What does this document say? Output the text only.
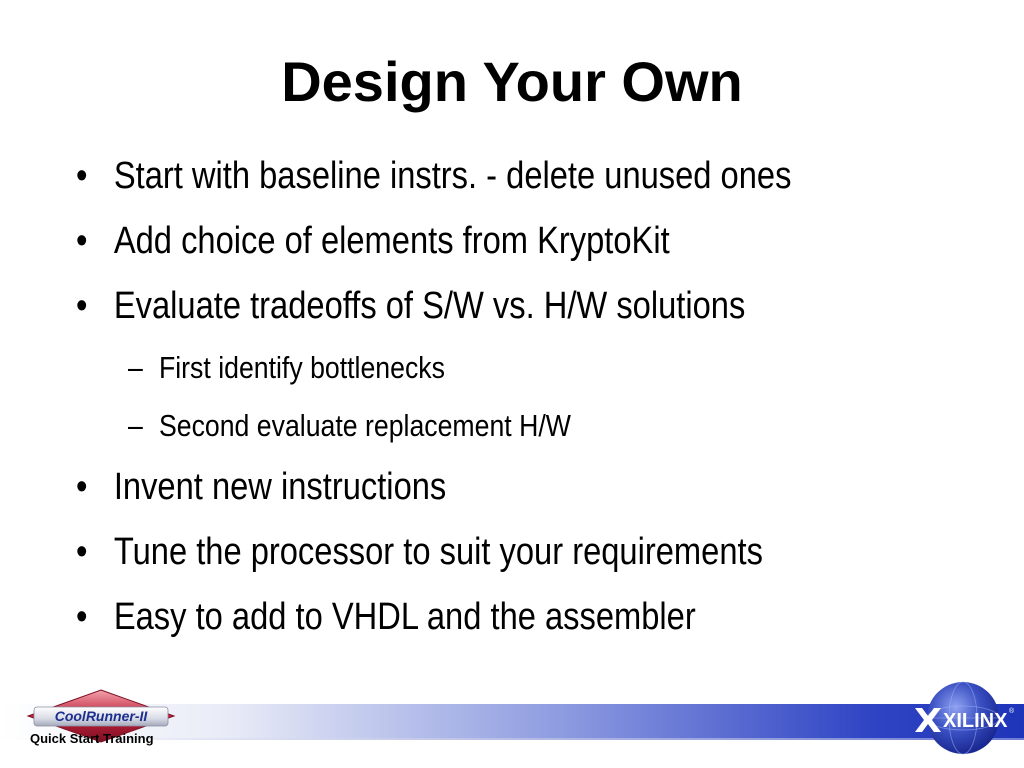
Design Your Own
• Start with baseline instrs. - delete unused ones
• Add choice of elements from KryptoKit
• Evaluate tradeoffs of S/W vs. H/W solutions
– First identify bottlenecks
– Second evaluate replacement H/W
• Invent new instructions
• Tune the processor to suit your requirements
• Easy to add to VHDL and the assembler
CoolRunner-II
Quick Start Training
XILINX ®
